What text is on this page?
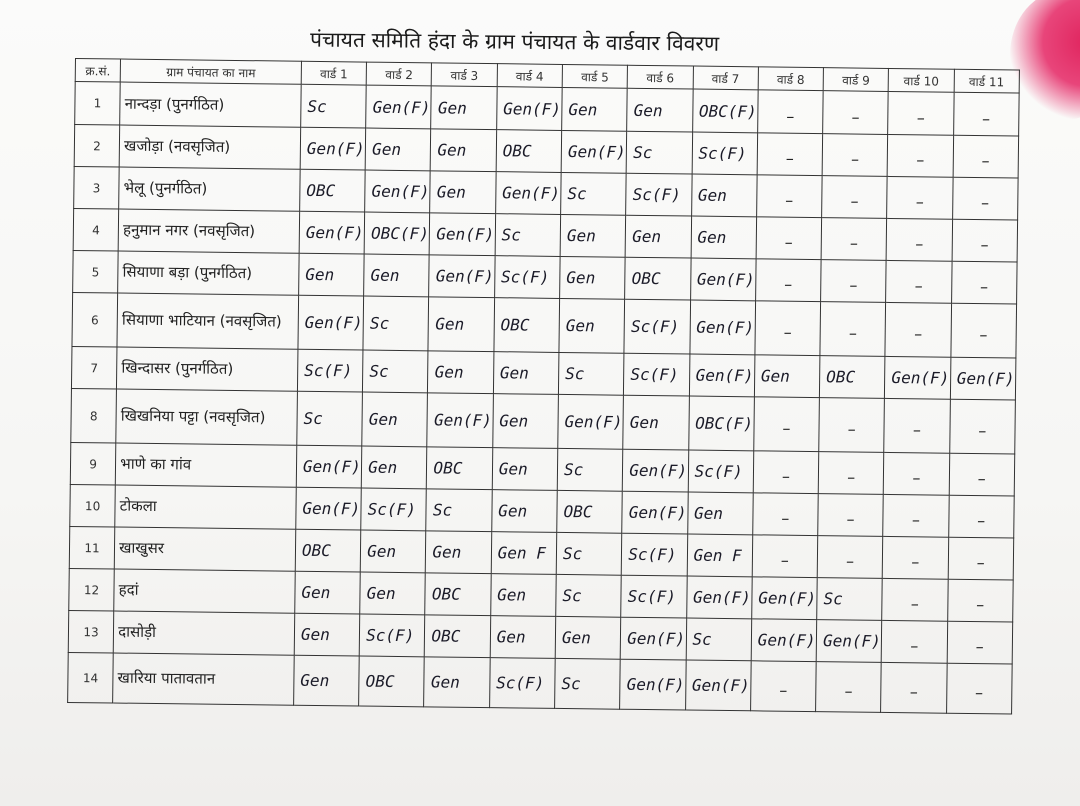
पंचायत समिति हंदा के ग्राम पंचायत के वार्डवार विवरण
क्र.सं.	ग्राम पंचायत का नाम	वार्ड 1	वार्ड 2	वार्ड 3	वार्ड 4	वार्ड 5	वार्ड 6	वार्ड 7	वार्ड 8	वार्ड 9	वार्ड 10	वार्ड 11
1	नान्दड़ा (पुनर्गठित)	Sc	Gen(F)	Gen	Gen(F)	Gen	Gen	OBC(F)	–	–	–	–
2	खजोड़ा (नवसृजित)	Gen(F)	Gen	Gen	OBC	Gen(F)	Sc	Sc(F)	–	–	–	–
3	भेलू (पुनर्गठित)	OBC	Gen(F)	Gen	Gen(F)	Sc	Sc(F)	Gen	–	–	–	–
4	हनुमान नगर (नवसृजित)	Gen(F)	OBC(F)	Gen(F)	Sc	Gen	Gen	Gen	–	–	–	–
5	सियाणा बड़ा (पुनर्गठित)	Gen	Gen	Gen(F)	Sc(F)	Gen	OBC	Gen(F)	–	–	–	–
6	सियाणा भाटियान (नवसृजित)	Gen(F)	Sc	Gen	OBC	Gen	Sc(F)	Gen(F)	–	–	–	–
7	खिन्दासर (पुनर्गठित)	Sc(F)	Sc	Gen	Gen	Sc	Sc(F)	Gen(F)	Gen	OBC	Gen(F)	Gen(F)
8	खिखनिया पट्टा (नवसृजित)	Sc	Gen	Gen(F)	Gen	Gen(F)	Gen	OBC(F)	–	–	–	–
9	भाणे का गांव	Gen(F)	Gen	OBC	Gen	Sc	Gen(F)	Sc(F)	–	–	–	–
10	टोकला	Gen(F)	Sc(F)	Sc	Gen	OBC	Gen(F)	Gen	–	–	–	–
11	खाखुसर	OBC	Gen	Gen	Gen F	Sc	Sc(F)	Gen F	–	–	–	–
12	हदां	Gen	Gen	OBC	Gen	Sc	Sc(F)	Gen(F)	Gen(F)	Sc	–	–
13	दासोड़ी	Gen	Sc(F)	OBC	Gen	Gen	Gen(F)	Sc	Gen(F)	Gen(F)	–	–
14	खारिया पातावतान	Gen	OBC	Gen	Sc(F)	Sc	Gen(F)	Gen(F)	–	–	–	–
